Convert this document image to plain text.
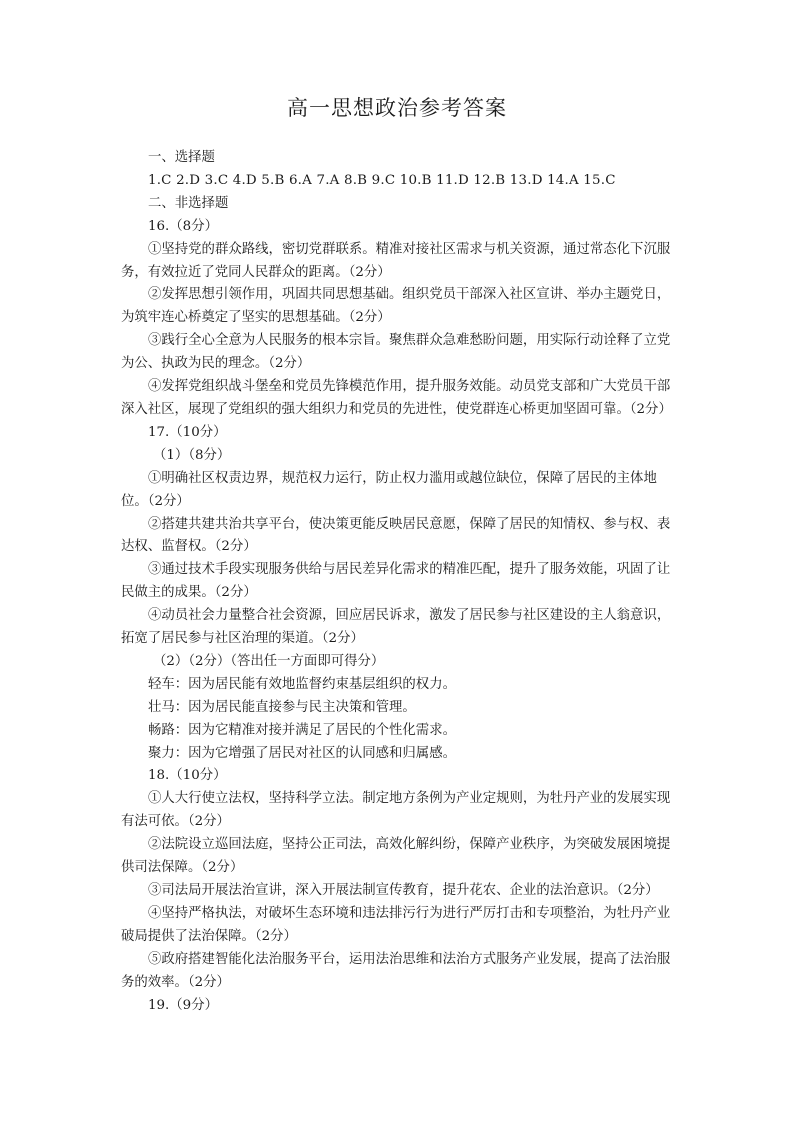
高一思想政治参考答案

一、选择题

1.C 2.D 3.C 4.D 5.B 6.A 7.A 8.B 9.C 10.B 11.D 12.B 13.D 14.A 15.C

二、非选择题

16.（8分）

①坚持党的群众路线，密切党群联系。精准对接社区需求与机关资源，通过常态化下沉服务，有效拉近了党同人民群众的距离。（2分）

②发挥思想引领作用，巩固共同思想基础。组织党员干部深入社区宣讲、举办主题党日，为筑牢连心桥奠定了坚实的思想基础。（2分）

③践行全心全意为人民服务的根本宗旨。聚焦群众急难愁盼问题，用实际行动诠释了立党为公、执政为民的理念。（2分）

④发挥党组织战斗堡垒和党员先锋模范作用，提升服务效能。动员党支部和广大党员干部深入社区，展现了党组织的强大组织力和党员的先进性，使党群连心桥更加坚固可靠。（2分）

17.（10分）

（1）（8分）

①明确社区权责边界，规范权力运行，防止权力滥用或越位缺位，保障了居民的主体地位。（2分）

②搭建共建共治共享平台，使决策更能反映居民意愿，保障了居民的知情权、参与权、表达权、监督权。（2分）

③通过技术手段实现服务供给与居民差异化需求的精准匹配，提升了服务效能，巩固了让民做主的成果。（2分）

④动员社会力量整合社会资源，回应居民诉求，激发了居民参与社区建设的主人翁意识，拓宽了居民参与社区治理的渠道。（2分）

（2）（2分）（答出任一方面即可得分）

轻车：因为居民能有效地监督约束基层组织的权力。

壮马：因为居民能直接参与民主决策和管理。

畅路：因为它精准对接并满足了居民的个性化需求。

聚力：因为它增强了居民对社区的认同感和归属感。

18.（10分）

①人大行使立法权，坚持科学立法。制定地方条例为产业定规则，为牡丹产业的发展实现有法可依。（2分）

②法院设立巡回法庭，坚持公正司法，高效化解纠纷，保障产业秩序，为突破发展困境提供司法保障。（2分）

③司法局开展法治宣讲，深入开展法制宣传教育，提升花农、企业的法治意识。（2分）

④坚持严格执法，对破坏生态环境和违法排污行为进行严厉打击和专项整治，为牡丹产业破局提供了法治保障。（2分）

⑤政府搭建智能化法治服务平台，运用法治思维和法治方式服务产业发展，提高了法治服务的效率。（2分）

19.（9分）
